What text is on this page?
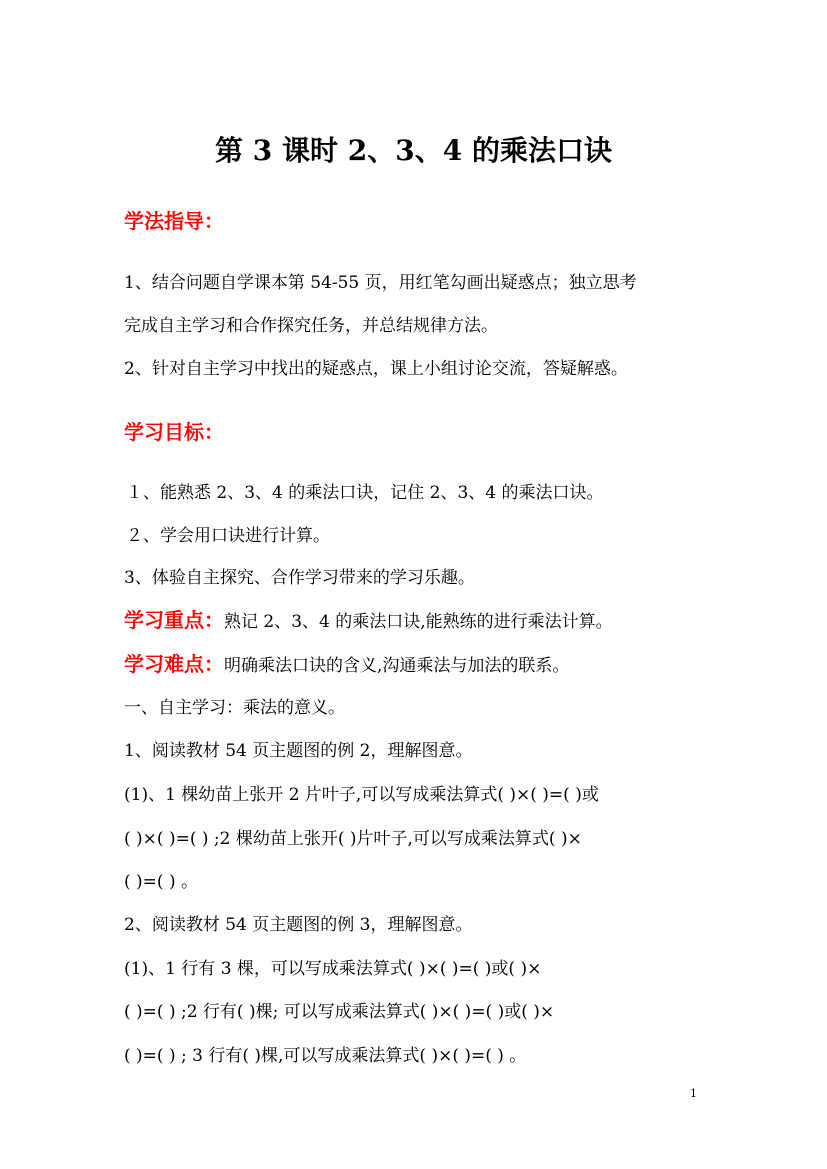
第 3 课时 2、3、4 的乘法口诀
学法指导：
1、结合问题自学课本第 54-55 页，用红笔勾画出疑惑点；独立思考
完成自主学习和合作探究任务，并总结规律方法。
2、针对自主学习中找出的疑惑点，课上小组讨论交流，答疑解惑。
学习目标：
１、能熟悉 2、3、4 的乘法口诀，记住 2、3、4 的乘法口诀。
２、学会用口诀进行计算。
3、体验自主探究、合作学习带来的学习乐趣。
学习重点：熟记 2、3、4 的乘法口诀,能熟练的进行乘法计算。
学习难点：明确乘法口诀的含义,沟通乘法与加法的联系。
一、自主学习：乘法的意义。
1、阅读教材 54 页主题图的例 2，理解图意。
(1)、1 棵幼苗上张开 2 片叶子,可以写成乘法算式( )×( )=( )或
( )×( )=( ) ;2 棵幼苗上张开( )片叶子,可以写成乘法算式( )×
( )=( ) 。
2、阅读教材 54 页主题图的例 3，理解图意。
(1)、1 行有 3 棵，可以写成乘法算式( )×( )=( )或( )×
( )=( ) ;2 行有( )棵; 可以写成乘法算式( )×( )=( )或( )×
( )=( ) ; 3 行有( )棵,可以写成乘法算式( )×( )=( ) 。
1
